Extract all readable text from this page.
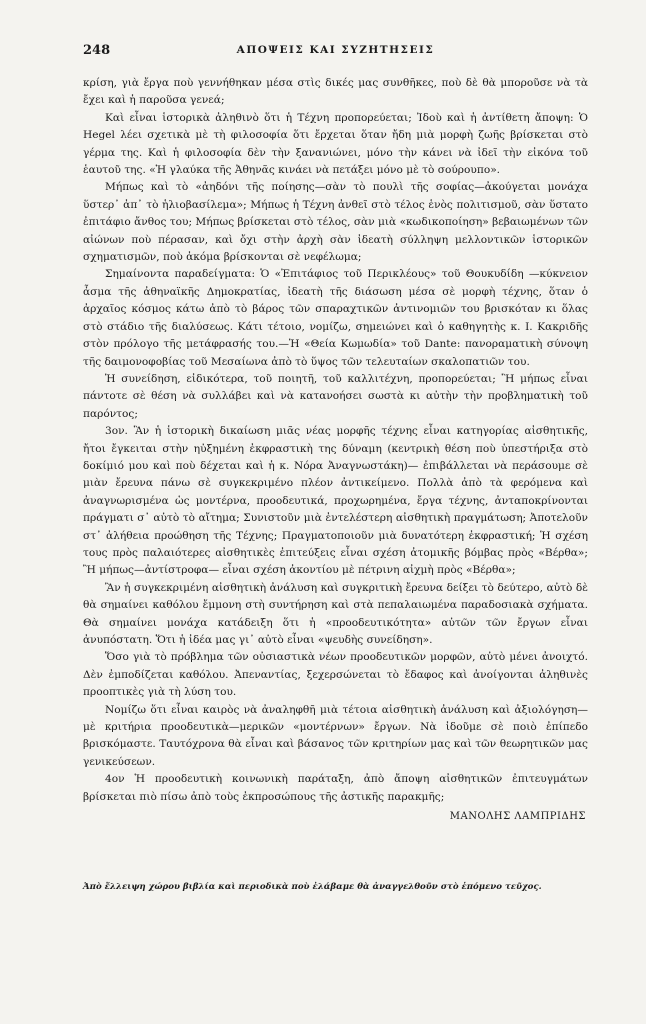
248	ΑΠΟΨΕΙΣ ΚΑΙ ΣΥΖΗΤΗΣΕΙΣ

κρίση, γιὰ ἔργα ποὺ γεννήθηκαν μέσα στὶς δικές μας συνθῆκες, ποὺ δὲ θὰ μποροῦσε νὰ τὰ ἔχει καὶ ἡ παροῦσα γενεά;

Καὶ εἶναι ἱστορικὰ ἀληθινὸ ὅτι ἡ Τέχνη προπορεύεται; Ἰδοὺ καὶ ἡ ἀντίθετη ἄποψη: Ὁ Hegel λέει σχετικὰ μὲ τὴ φιλοσοφία ὅτι ἔρχεται ὅταν ἤδη μιὰ μορφὴ ζωῆς βρίσκεται στὸ γέρμα της. Καὶ ἡ φιλοσοφία δὲν τὴν ξανανιώνει, μόνο τὴν κάνει νὰ ἰδεῖ τὴν εἰκόνα τοῦ ἑαυτοῦ της. «Ἡ γλαύκα τῆς Ἀθηνᾶς κινάει νὰ πετάξει μόνο μὲ τὸ σούρουπο».

Μήπως καὶ τὸ «ἀηδόνι τῆς ποίησης—σὰν τὸ πουλὶ τῆς σοφίας—ἀκούγεται μονάχα ὕστερ᾽ ἀπ᾽ τὸ ἡλιοβασίλεμα»; Μήπως ἡ Τέχνη ἀνθεῖ στὸ τέλος ἑνὸς πολιτισμοῦ, σὰν ὕστατο ἐπιτάφιο ἄνθος του; Μήπως βρίσκεται στὸ τέλος, σὰν μιὰ «κωδικοποίηση» βεβαιωμένων τῶν αἰώνων ποὺ πέρασαν, καὶ ὄχι στὴν ἀρχὴ σὰν ἰδεατὴ σύλληψη μελλοντικῶν ἱστορικῶν σχηματισμῶν, ποὺ ἀκόμα βρίσκονται σὲ νεφέλωμα;

Σημαίνοντα παραδείγματα: Ὁ «Ἐπιτάφιος τοῦ Περικλέους» τοῦ Θουκυδίδη —κύκνειον ἆσμα τῆς ἀθηναϊκῆς Δημοκρατίας, ἰδεατὴ τῆς διάσωση μέσα σὲ μορφὴ τέχνης, ὅταν ὁ ἀρχαῖος κόσμος κάτω ἀπὸ τὸ βάρος τῶν σπαραχτικῶν ἀντινομιῶν του βρισκόταν κι ὅλας στὸ στάδιο τῆς διαλύσεως. Κάτι τέτοιο, νομίζω, σημειώνει καὶ ὁ καθηγητὴς κ. Ι. Κακριδῆς στὸν πρόλογο τῆς μετάφρασής του.—Ἡ «Θεία Κωμωδία» τοῦ Dante: πανοραματικὴ σύνοψη τῆς δαιμονοφοβίας τοῦ Μεσαίωνα ἀπὸ τὸ ὕψος τῶν τελευταίων σκαλοπατιῶν του.

Ἡ συνείδηση, εἰδικότερα, τοῦ ποιητῆ, τοῦ καλλιτέχνη, προπορεύεται; Ἢ μήπως εἶναι πάντοτε σὲ θέση νὰ συλλάβει καὶ νὰ κατανοήσει σωστὰ κι αὐτὴν τὴν προβληματικὴ τοῦ παρόντος;

3ον. Ἂν ἡ ἱστορικὴ δικαίωση μιᾶς νέας μορφῆς τέχνης εἶναι κατηγορίας αἰσθητικῆς, ἤτοι ἔγκειται στὴν ηὐξημένη ἐκφραστικὴ της δύναμη (κεντρικὴ θέση ποὺ ὑπεστήριξα στὸ δοκίμιό μου καὶ ποὺ δέχεται καὶ ἡ κ. Νόρα Ἀναγνωστάκη)— ἐπιβάλλεται νὰ περάσουμε σὲ μιὰν ἔρευνα πάνω σὲ συγκεκριμένο πλέον ἀντικείμενο. Πολλὰ ἀπὸ τὰ φερόμενα καὶ ἀναγνωρισμένα ὡς μοντέρνα, προοδευτικά, προχωρημένα, ἔργα τέχνης, ἀνταποκρίνονται πράγματι σ᾽ αὐτὸ τὸ αἴτημα; Συνιστοῦν μιὰ ἐντελέστερη αἰσθητικὴ πραγμάτωση; Ἀποτελοῦν στ᾽ ἀλήθεια προώθηση τῆς Τέχνης; Πραγματοποιοῦν μιὰ δυνατότερη ἐκφραστική; Ἡ σχέση τους πρὸς παλαιότερες αἰσθητικὲς ἐπιτεύξεις εἶναι σχέση ἀτομικῆς βόμβας πρὸς «Βέρθα»; Ἢ μήπως—ἀντίστροφα— εἶναι σχέση ἀκοντίου μὲ πέτρινη αἰχμὴ πρὸς «Βέρθα»;

Ἂν ἡ συγκεκριμένη αἰσθητικὴ ἀνάλυση καὶ συγκριτικὴ ἔρευνα δείξει τὸ δεύτερο, αὐτὸ δὲ θὰ σημαίνει καθόλου ἔμμονη στὴ συντήρηση καὶ στὰ πεπαλαιωμένα παραδοσιακὰ σχήματα. Θὰ σημαίνει μονάχα κατάδειξη ὅτι ἡ «προοδευτικότητα» αὐτῶν τῶν ἔργων εἶναι ἀνυπόστατη. Ὅτι ἡ ἰδέα μας γι᾽ αὐτὸ εἶναι «ψευδὴς συνείδηση».

Ὅσο γιὰ τὸ πρόβλημα τῶν οὐσιαστικὰ νέων προοδευτικῶν μορφῶν, αὐτὸ μένει ἀνοιχτό. Δὲν ἐμποδίζεται καθόλου. Ἀπεναντίας, ξεχερσώνεται τὸ ἔδαφος καὶ ἀνοίγονται ἀληθινὲς προοπτικὲς γιὰ τὴ λύση του.

Νομίζω ὅτι εἶναι καιρὸς νὰ ἀναληφθῆ μιὰ τέτοια αἰσθητικὴ ἀνάλυση καὶ ἀξιολόγηση—μὲ κριτήρια προοδευτικὰ—μερικῶν «μοντέρνων» ἔργων. Νὰ ἰδοῦμε σὲ ποιὸ ἐπίπεδο βρισκόμαστε. Ταυτόχρονα θὰ εἶναι καὶ βάσανος τῶν κριτηρίων μας καὶ τῶν θεωρητικῶν μας γενικεύσεων.

4ον Ἡ προοδευτικὴ κοινωνικὴ παράταξη, ἀπὸ ἄποψη αἰσθητικῶν ἐπιτευγμάτων βρίσκεται πιὸ πίσω ἀπὸ τοὺς ἐκπροσώπους τῆς ἀστικῆς παρακμῆς;

ΜΑΝΟΛΗΣ ΛΑΜΠΡΙΔΗΣ
Ἀπὸ ἔλλειψη χώρου βιβλία καὶ περιοδικὰ ποὺ ἐλάβαμε θὰ ἀναγγελθοῦν στὸ ἑπόμενο τεῦχος.
